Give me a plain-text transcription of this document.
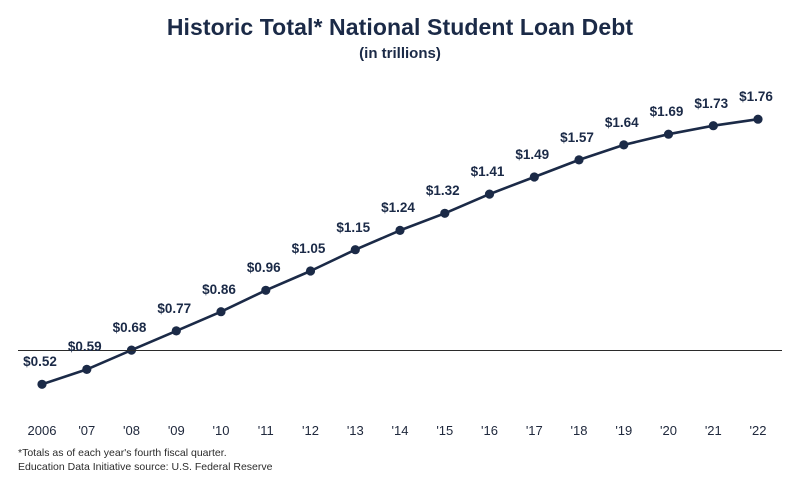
Historic Total* National Student Loan Debt
(in trillions)
2006 '07 '08 '09 '10 '11 '12 '13 '14 '15 '16 '17 '18 '19 '20 '21 '22
$0.52
$0.59
$0.68
$0.77
$0.86
$0.96
$1.05
$1.15
$1.24
$1.32
$1.41
$1.49
$1.57
$1.64
$1.69
$1.73 $1.76
*Totals as of each year's fourth fiscal quarter.
Education Data Initiative source: U.S. Federal Reserve
